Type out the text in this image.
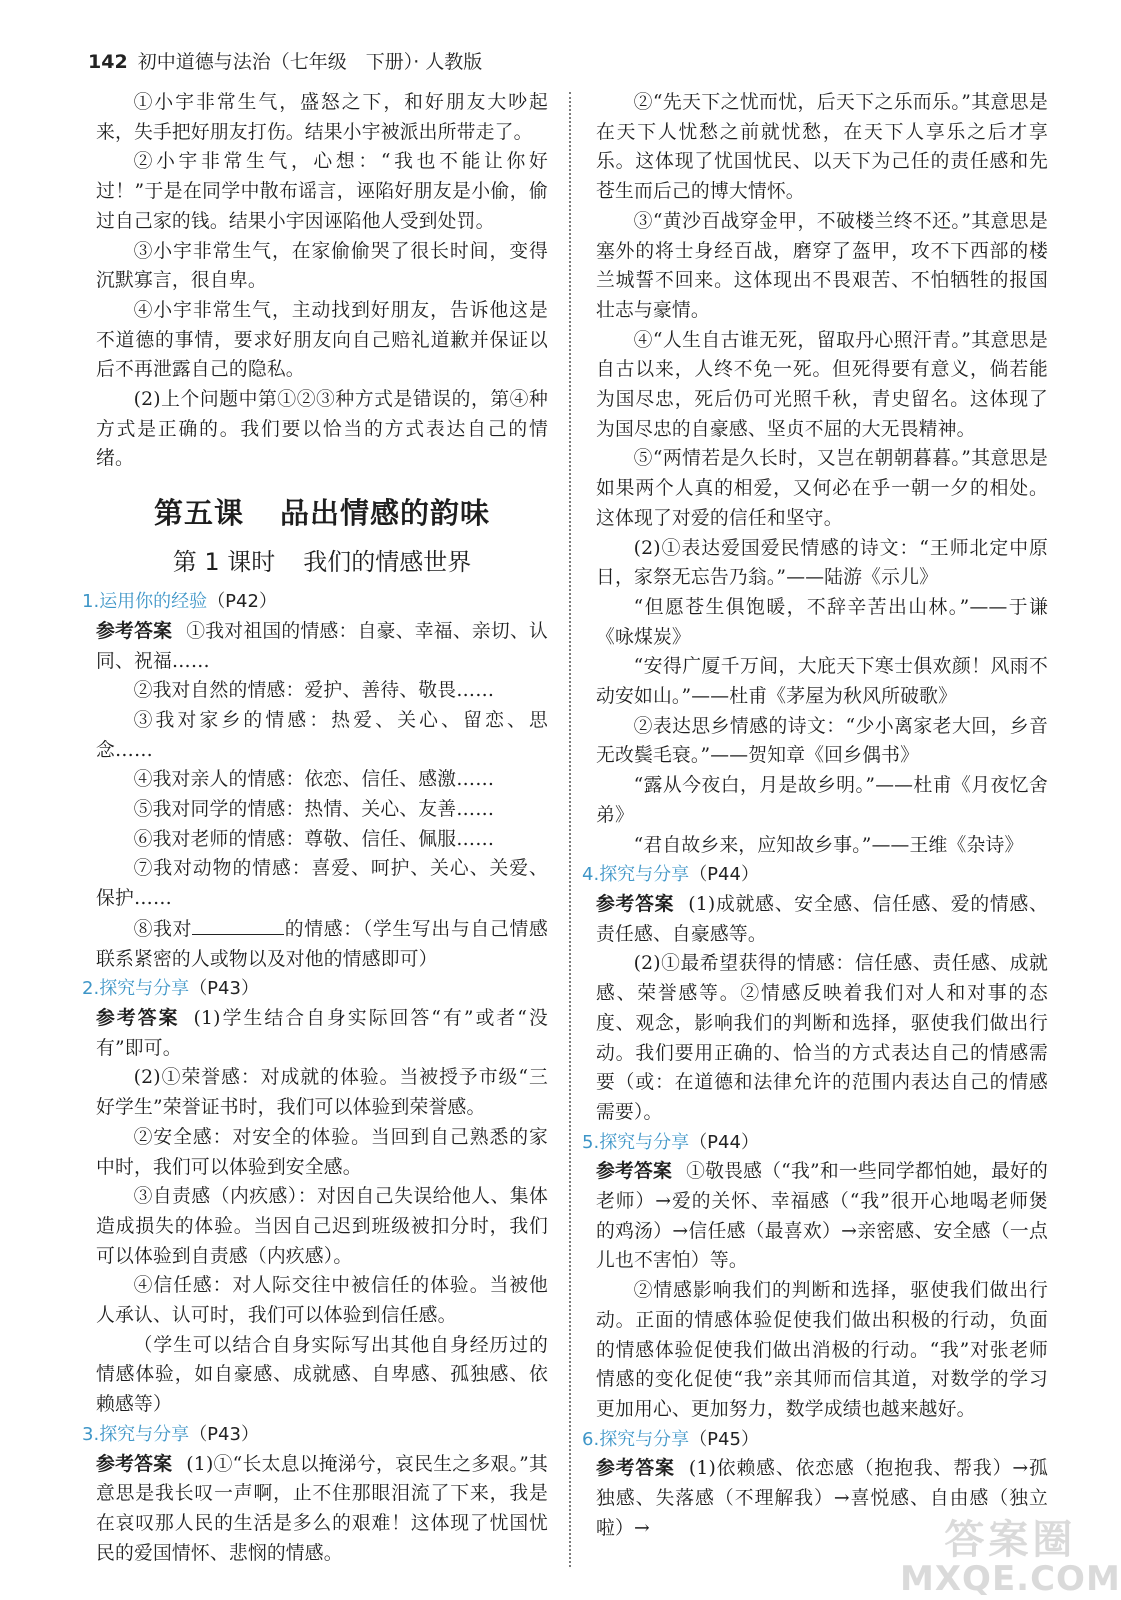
142 初中道德与法治（七年级　下册）· 人教版

①小宇非常生气，盛怒之下，和好朋友大吵起来，失手把好朋友打伤。结果小宇被派出所带走了。

②小宇非常生气，心想：“我也不能让你好过！”于是在同学中散布谣言，诬陷好朋友是小偷，偷过自己家的钱。结果小宇因诬陷他人受到处罚。

③小宇非常生气，在家偷偷哭了很长时间，变得沉默寡言，很自卑。

④小宇非常生气，主动找到好朋友，告诉他这是不道德的事情，要求好朋友向自己赔礼道歉并保证以后不再泄露自己的隐私。

(2)上个问题中第①②③种方式是错误的，第④种方式是正确的。我们要以恰当的方式表达自己的情绪。

第五课 品出情感的韵味
第 1 课时 我们的情感世界
1.运用你的经验（P42）

参考答案 ①我对祖国的情感：自豪、幸福、亲切、认同、祝福……

②我对自然的情感：爱护、善待、敬畏……

③我对家乡的情感：热爱、关心、留恋、思念……

④我对亲人的情感：依恋、信任、感激……

⑤我对同学的情感：热情、关心、友善……

⑥我对老师的情感：尊敬、信任、佩服……

⑦我对动物的情感：喜爱、呵护、关心、关爱、保护……

⑧我对	的情感：（学生写出与自己情感联系紧密的人或物以及对他的情感即可）

2.探究与分享（P43）

参考答案 (1)学生结合自身实际回答“有”或者“没有”即可。

(2)①荣誉感：对成就的体验。当被授予市级“三好学生”荣誉证书时，我们可以体验到荣誉感。

②安全感：对安全的体验。当回到自己熟悉的家中时，我们可以体验到安全感。

③自责感（内疚感）：对因自己失误给他人、集体造成损失的体验。当因自己迟到班级被扣分时，我们可以体验到自责感（内疚感）。

④信任感：对人际交往中被信任的体验。当被他人承认、认可时，我们可以体验到信任感。

（学生可以结合自身实际写出其他自身经历过的情感体验，如自豪感、成就感、自卑感、孤独感、依赖感等）

3.探究与分享（P43）

参考答案 (1)①“长太息以掩涕兮，哀民生之多艰。”其意思是我长叹一声啊，止不住那眼泪流了下来，我是在哀叹那人民的生活是多么的艰难！这体现了忧国忧民的爱国情怀、悲悯的情感。

②“先天下之忧而忧，后天下之乐而乐。”其意思是在天下人忧愁之前就忧愁，在天下人享乐之后才享乐。这体现了忧国忧民、以天下为己任的责任感和先苍生而后己的博大情怀。

③“黄沙百战穿金甲，不破楼兰终不还。”其意思是塞外的将士身经百战，磨穿了盔甲，攻不下西部的楼兰城誓不回来。这体现出不畏艰苦、不怕牺牲的报国壮志与豪情。

④“人生自古谁无死，留取丹心照汗青。”其意思是自古以来，人终不免一死。但死得要有意义，倘若能为国尽忠，死后仍可光照千秋，青史留名。这体现了为国尽忠的自豪感、坚贞不屈的大无畏精神。

⑤“两情若是久长时，又岂在朝朝暮暮。”其意思是如果两个人真的相爱，又何必在乎一朝一夕的相处。这体现了对爱的信任和坚守。

(2)①表达爱国爱民情感的诗文：“王师北定中原日，家祭无忘告乃翁。”——陆游《示儿》

“但愿苍生俱饱暖，不辞辛苦出山林。”——于谦《咏煤炭》

“安得广厦千万间，大庇天下寒士俱欢颜！风雨不动安如山。”——杜甫《茅屋为秋风所破歌》

②表达思乡情感的诗文：“少小离家老大回，乡音无改鬓毛衰。”——贺知章《回乡偶书》

“露从今夜白，月是故乡明。”——杜甫《月夜忆舍弟》

“君自故乡来，应知故乡事。”——王维《杂诗》

4.探究与分享（P44）

参考答案 (1)成就感、安全感、信任感、爱的情感、责任感、自豪感等。

(2)①最希望获得的情感：信任感、责任感、成就感、荣誉感等。②情感反映着我们对人和对事的态度、观念，影响我们的判断和选择，驱使我们做出行动。我们要用正确的、恰当的方式表达自己的情感需要（或：在道德和法律允许的范围内表达自己的情感需要）。

5.探究与分享（P44）

参考答案 ①敬畏感（“我”和一些同学都怕她，最好的老师）→爱的关怀、幸福感（“我”很开心地喝老师煲的鸡汤）→信任感（最喜欢）→亲密感、安全感（一点儿也不害怕）等。

②情感影响我们的判断和选择，驱使我们做出行动。正面的情感体验促使我们做出积极的行动，负面的情感体验促使我们做出消极的行动。“我”对张老师情感的变化促使“我”亲其师而信其道，对数学的学习更加用心、更加努力，数学成绩也越来越好。

6.探究与分享（P45）

参考答案 (1)依赖感、依恋感（抱抱我、帮我）→孤独感、失落感（不理解我）→喜悦感、自由感（独立啦）→	答案圈
MXQE.COM
